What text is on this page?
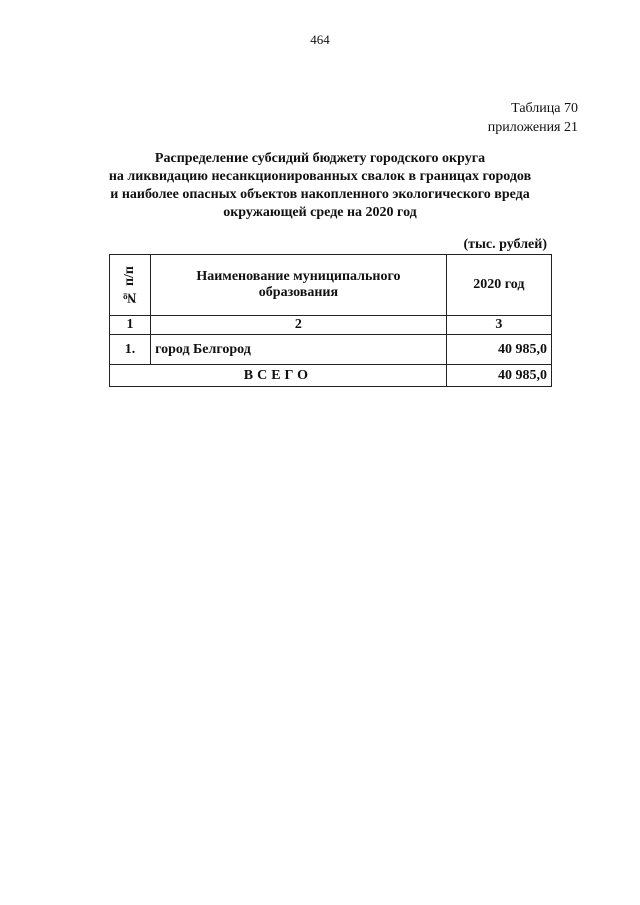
464
Таблица 70
приложения 21
Распределение субсидий бюджету городского округа
на ликвидацию несанкционированных свалок в границах городов
и наиболее опасных объектов накопленного экологического вреда
окружающей среде на 2020 год
(тыс. рублей)
№ п/п	Наименование муниципального образования	2020 год
1	2	3
1.	город Белгород	40 985,0
ВСЕГО		40 985,0
